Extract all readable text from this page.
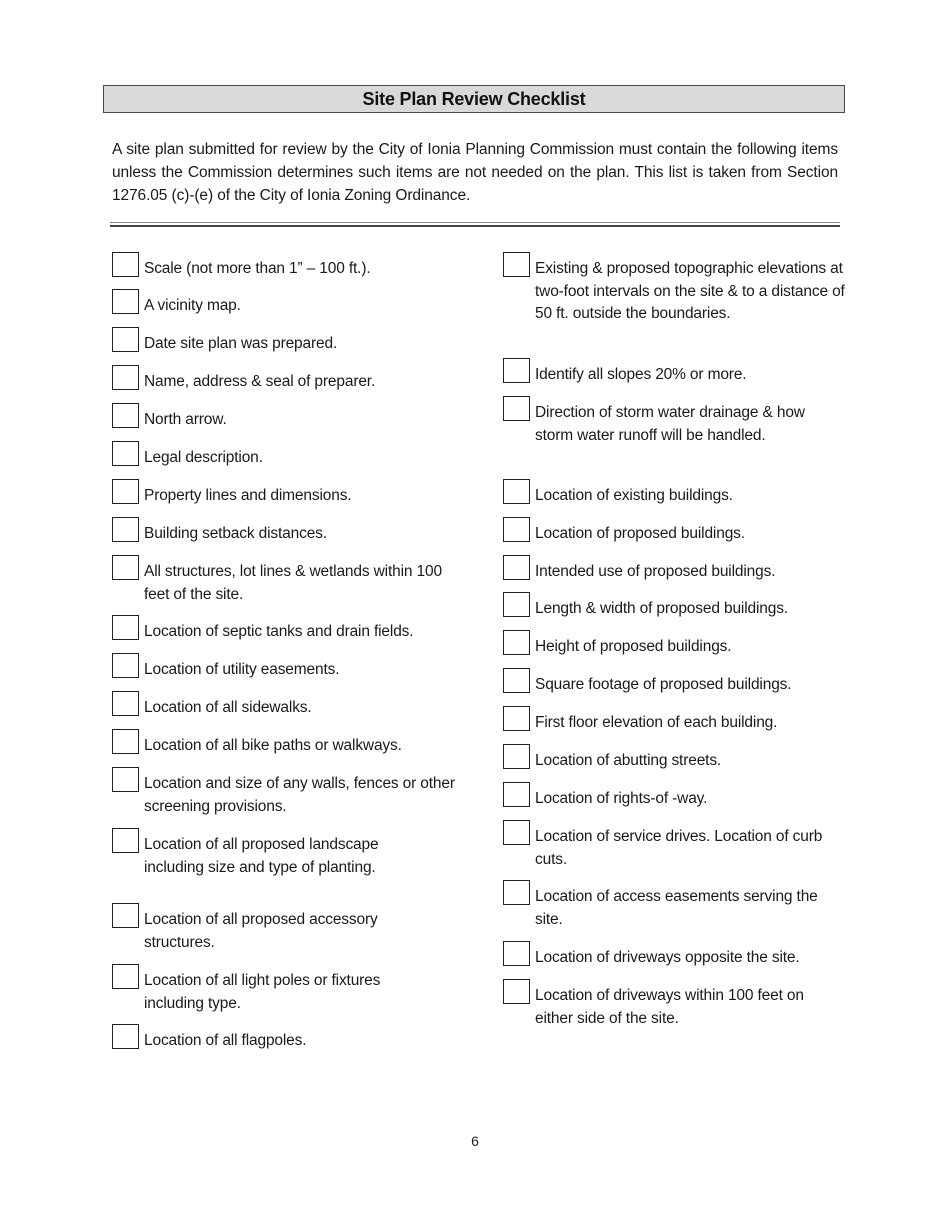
Site Plan Review Checklist

A site plan submitted for review by the City of Ionia Planning Commission must contain the following items unless the Commission determines such items are not needed on the plan. This list is taken from Section 1276.05 (c)-(e) of the City of Ionia Zoning Ordinance.

Scale (not more than 1” – 100 ft.).
A vicinity map.
Date site plan was prepared.
Name, address & seal of preparer.
North arrow.
Legal description.
Property lines and dimensions.
Building setback distances.
All structures, lot lines & wetlands within 100 feet of the site.
Location of septic tanks and drain fields.
Location of utility easements.
Location of all sidewalks.
Location of all bike paths or walkways.
Location and size of any walls, fences or other screening provisions.
Location of all proposed landscape including size and type of planting.
Location of all proposed accessory structures.
Location of all light poles or fixtures including type.
Location of all flagpoles.
Existing & proposed topographic elevations at two-foot intervals on the site & to a distance of 50 ft. outside the boundaries.
Identify all slopes 20% or more.
Direction of storm water drainage & how storm water runoff will be handled.
Location of existing buildings.
Location of proposed buildings.
Intended use of proposed buildings.
Length & width of proposed buildings.
Height of proposed buildings.
Square footage of proposed buildings.
First floor elevation of each building.
Location of abutting streets.
Location of rights-of -way.
Location of service drives. Location of curb cuts.
Location of access easements serving the site.
Location of driveways opposite the site.
Location of driveways within 100 feet on either side of the site.
6
